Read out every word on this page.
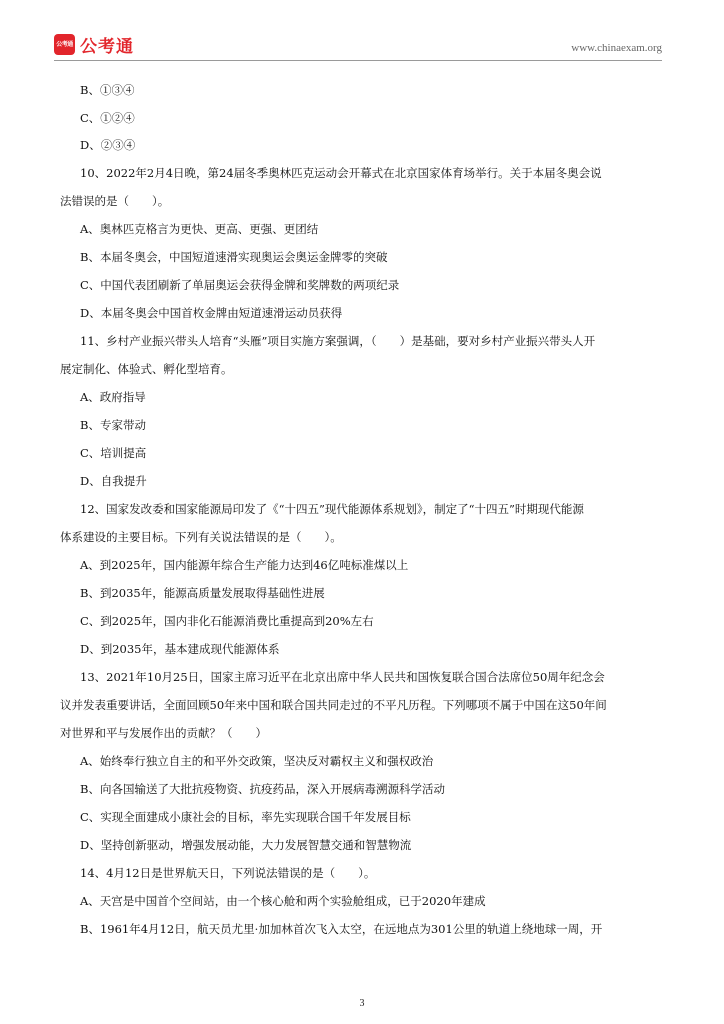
公考通 公考通	www.chinaexam.org
B、①③④
C、①②④
D、②③④
10、2022年2月4日晚，第24届冬季奥林匹克运动会开幕式在北京国家体育场举行。关于本届冬奥会说
法错误的是（　　）。
A、奥林匹克格言为更快、更高、更强、更团结
B、本届冬奥会，中国短道速滑实现奥运会奥运金牌零的突破
C、中国代表团刷新了单届奥运会获得金牌和奖牌数的两项纪录
D、本届冬奥会中国首枚金牌由短道速滑运动员获得
11、乡村产业振兴带头人培育“头雁”项目实施方案强调，（　　）是基础，要对乡村产业振兴带头人开
展定制化、体验式、孵化型培育。
A、政府指导
B、专家带动
C、培训提高
D、自我提升
12、国家发改委和国家能源局印发了《“十四五”现代能源体系规划》，制定了“十四五”时期现代能源
体系建设的主要目标。下列有关说法错误的是（　　）。
A、到2025年，国内能源年综合生产能力达到46亿吨标准煤以上
B、到2035年，能源高质量发展取得基础性进展
C、到2025年，国内非化石能源消费比重提高到20%左右
D、到2035年，基本建成现代能源体系
13、2021年10月25日，国家主席习近平在北京出席中华人民共和国恢复联合国合法席位50周年纪念会
议并发表重要讲话，全面回顾50年来中国和联合国共同走过的不平凡历程。下列哪项不属于中国在这50年间
对世界和平与发展作出的贡献？（　　）
A、始终奉行独立自主的和平外交政策，坚决反对霸权主义和强权政治
B、向各国输送了大批抗疫物资、抗疫药品，深入开展病毒溯源科学活动
C、实现全面建成小康社会的目标，率先实现联合国千年发展目标
D、坚持创新驱动，增强发展动能，大力发展智慧交通和智慧物流
14、4月12日是世界航天日，下列说法错误的是（　　）。
A、天宫是中国首个空间站，由一个核心舱和两个实验舱组成，已于2020年建成
B、1961年4月12日，航天员尤里·加加林首次飞入太空，在远地点为301公里的轨道上绕地球一周，开
3
